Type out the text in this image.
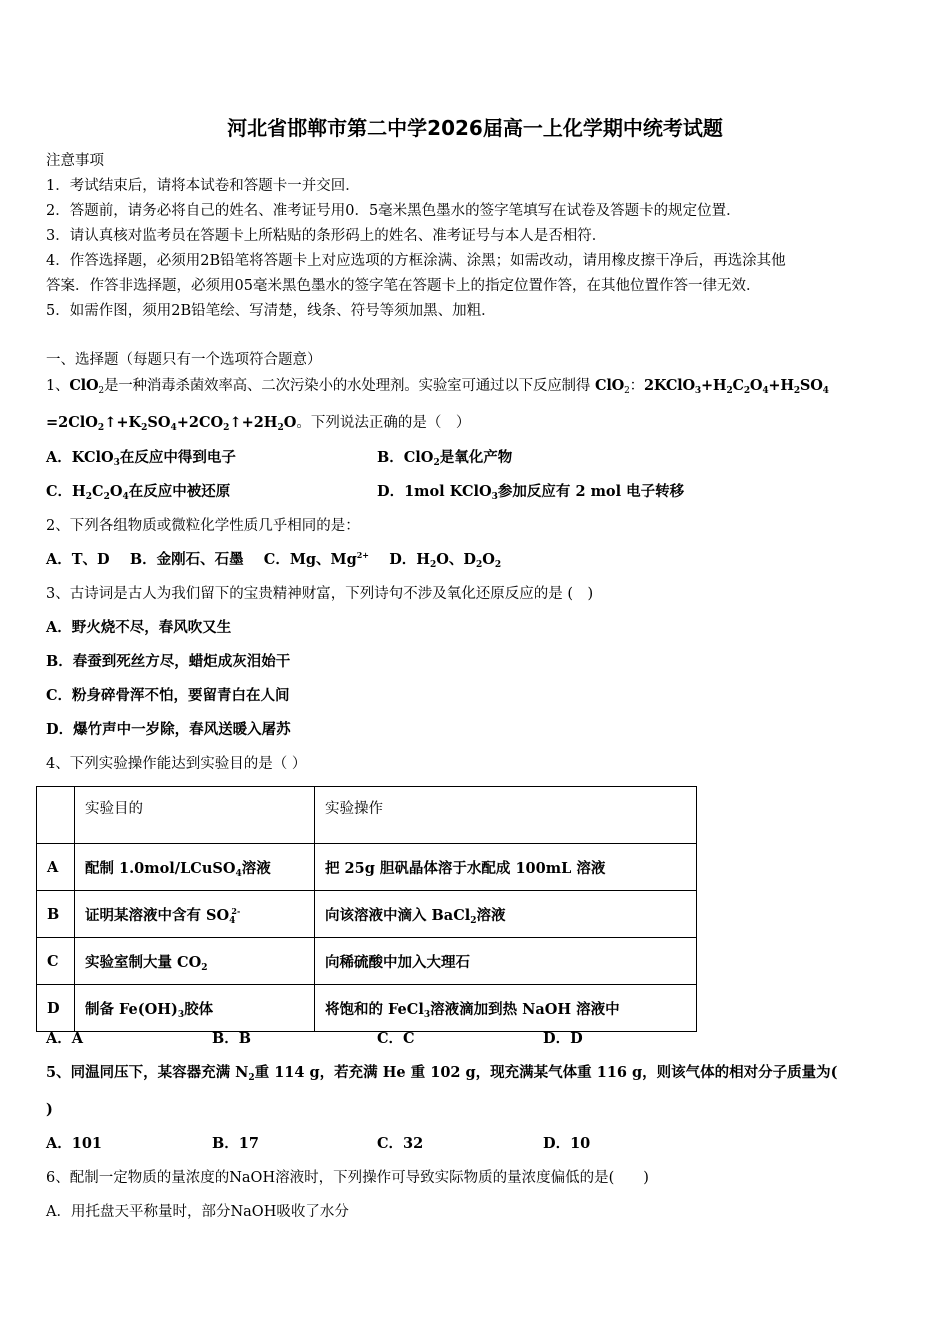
河北省邯郸市第二中学2026届高一上化学期中统考试题
注意事项
1．考试结束后，请将本试卷和答题卡一并交回．
2．答题前，请务必将自己的姓名、准考证号用0．5毫米黑色墨水的签字笔填写在试卷及答题卡的规定位置．
3．请认真核对监考员在答题卡上所粘贴的条形码上的姓名、准考证号与本人是否相符．
4．作答选择题，必须用2B铅笔将答题卡上对应选项的方框涂满、涂黑；如需改动，请用橡皮擦干净后，再选涂其他
答案．作答非选择题，必须用05毫米黑色墨水的签字笔在答题卡上的指定位置作答，在其他位置作答一律无效．
5．如需作图，须用2B铅笔绘、写清楚，线条、符号等须加黑、加粗．
一、选择题（每题只有一个选项符合题意）
1、ClO$_2$是一种消毒杀菌效率高、二次污染小的水处理剂。实验室可通过以下反应制得 ClO$_2$：$2KClO_3+H_2C_2O_4+H_2SO_4$
$=2ClO_2↑+K_2SO_4+2CO_2↑+2H_2O$。下列说法正确的是（　）
A．KClO$_3$在反应中得到电子	B．ClO$_2$是氧化产物
C．$H_2C_2O_4$在反应中被还原	D．1mol KClO$_3$参加反应有 2 mol 电子转移
2、下列各组物质或微粒化学性质几乎相同的是：
A．T、D B．金刚石、石墨 C．Mg、$Mg^{2+}$ D．$H_2O$、$D_2O_2$
3、古诗词是古人为我们留下的宝贵精神财富，下列诗句不涉及氧化还原反应的是 (　)
A．野火烧不尽，春风吹又生
B．春蚕到死丝方尽，蜡炬成灰泪始干
C．粉身碎骨浑不怕，要留青白在人间
D．爆竹声中一岁除，春风送暖入屠苏
4、下列实验操作能达到实验目的是（ ）
	实验目的	实验操作
A	配制 1.0mol/LCuSO$_4$溶液	把 25g 胆矾晶体溶于水配成 100mL 溶液
B	证明某溶液中含有 $SO_4^{2-}$	向该溶液中滴入 BaCl$_2$溶液
C	实验室制大量 $CO_2$	向稀硫酸中加入大理石
D	制备 $Fe(OH)_3$胶体	将饱和的 FeCl$_3$溶液滴加到热 NaOH 溶液中
A．A	B．B	C．C	D．D
5、同温同压下，某容器充满 $N_2$重 114 g，若充满 He 重 102 g，现充满某气体重 116 g，则该气体的相对分子质量为(
)
A．101	B．17	C．32	D．10
6、配制一定物质的量浓度的NaOH溶液时，下列操作可导致实际物质的量浓度偏低的是(　　)
A．用托盘天平称量时，部分NaOH吸收了水分
